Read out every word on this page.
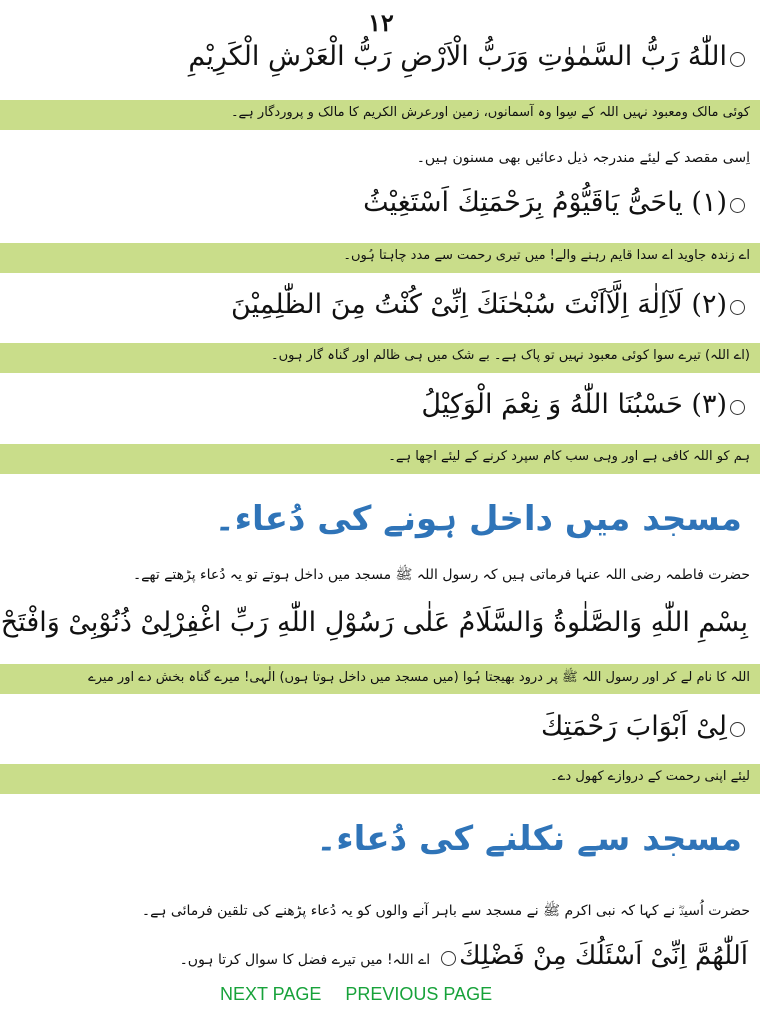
۱۲
اللّٰهُ رَبُّ السَّمٰوٰتِ وَرَبُّ الْاَرْضِ رَبُّ الْعَرْشِ الْكَرِيْمِ
کوئی مالک ومعبود نہیں اللہ کے سِوا وہ آسمانوں، زمین اورعرش الکریم کا مالک و پروردگار ہے۔
اِسی مقصد کے لیئے مندرجہ ذیل دعائیں بھی مسنون ہیں۔
(۱) ياحَیُّ يَاقَيُّوْمُ بِرَحْمَتِكَ اَسْتَغِيْثُ
اے زندہ جاوید اے سدا قایم رہنے والے! میں تیری رحمت سے مدد چاہتا ہُوں۔
(۲) لَآاِلٰهَ اِلَّآاَنْتَ سُبْحٰنَكَ اِنِّىْ كُنْتُ مِنَ الظّٰلِمِيْنَ
(اے اللہ) تیرے سوا کوئی معبود نہیں تو پاک ہے۔ بے شک میں ہی ظالم اور گناہ گار ہوں۔
(۳) حَسْبُنَا اللّٰهُ وَ نِعْمَ الْوَكِيْلُ
ہم کو اللہ کافی ہے اور وہی سب کام سپرد کرنے کے لیئے اچھا ہے۔
مسجد میں داخل ہونے کی دُعاء۔
حضرت فاطمہ رضی اللہ عنہا فرماتی ہیں کہ رسول اللہ ﷺ مسجد میں داخل ہوتے تو یہ دُعاء پڑھتے تھے۔
بِسْمِ اللّٰهِ وَالصَّلٰوةُ وَالسَّلَامُ عَلٰى رَسُوْلِ اللّٰهِ رَبِّ اغْفِرْلِىْ ذُنُوْبِىْ وَافْتَحْ
اللہ کا نام لے کر اور رسول اللہ ﷺ پر درود بھیجتا ہُوا (میں مسجد میں داخل ہوتا ہوں) الٰہی! میرے گناہ بخش دے اور میرے
لِىْ اَبْوَابَ رَحْمَتِكَ
لیئے اپنی رحمت کے دروازے کھول دے۔
مسجد سے نکلنے کی دُعاء۔
حضرت اُسیدؓ نے کہا کہ نبی اکرم ﷺ نے مسجد سے باہر آنے والوں کو یہ دُعاء پڑھنے کی تلقین فرمائی ہے۔
اَللّٰهُمَّ اِنِّىْ اَسْئَلُكَ مِنْ فَضْلِكَاے اللہ! میں تیرے فضل کا سوال کرتا ہوں۔
NEXT PAGE PREVIOUS PAGE
